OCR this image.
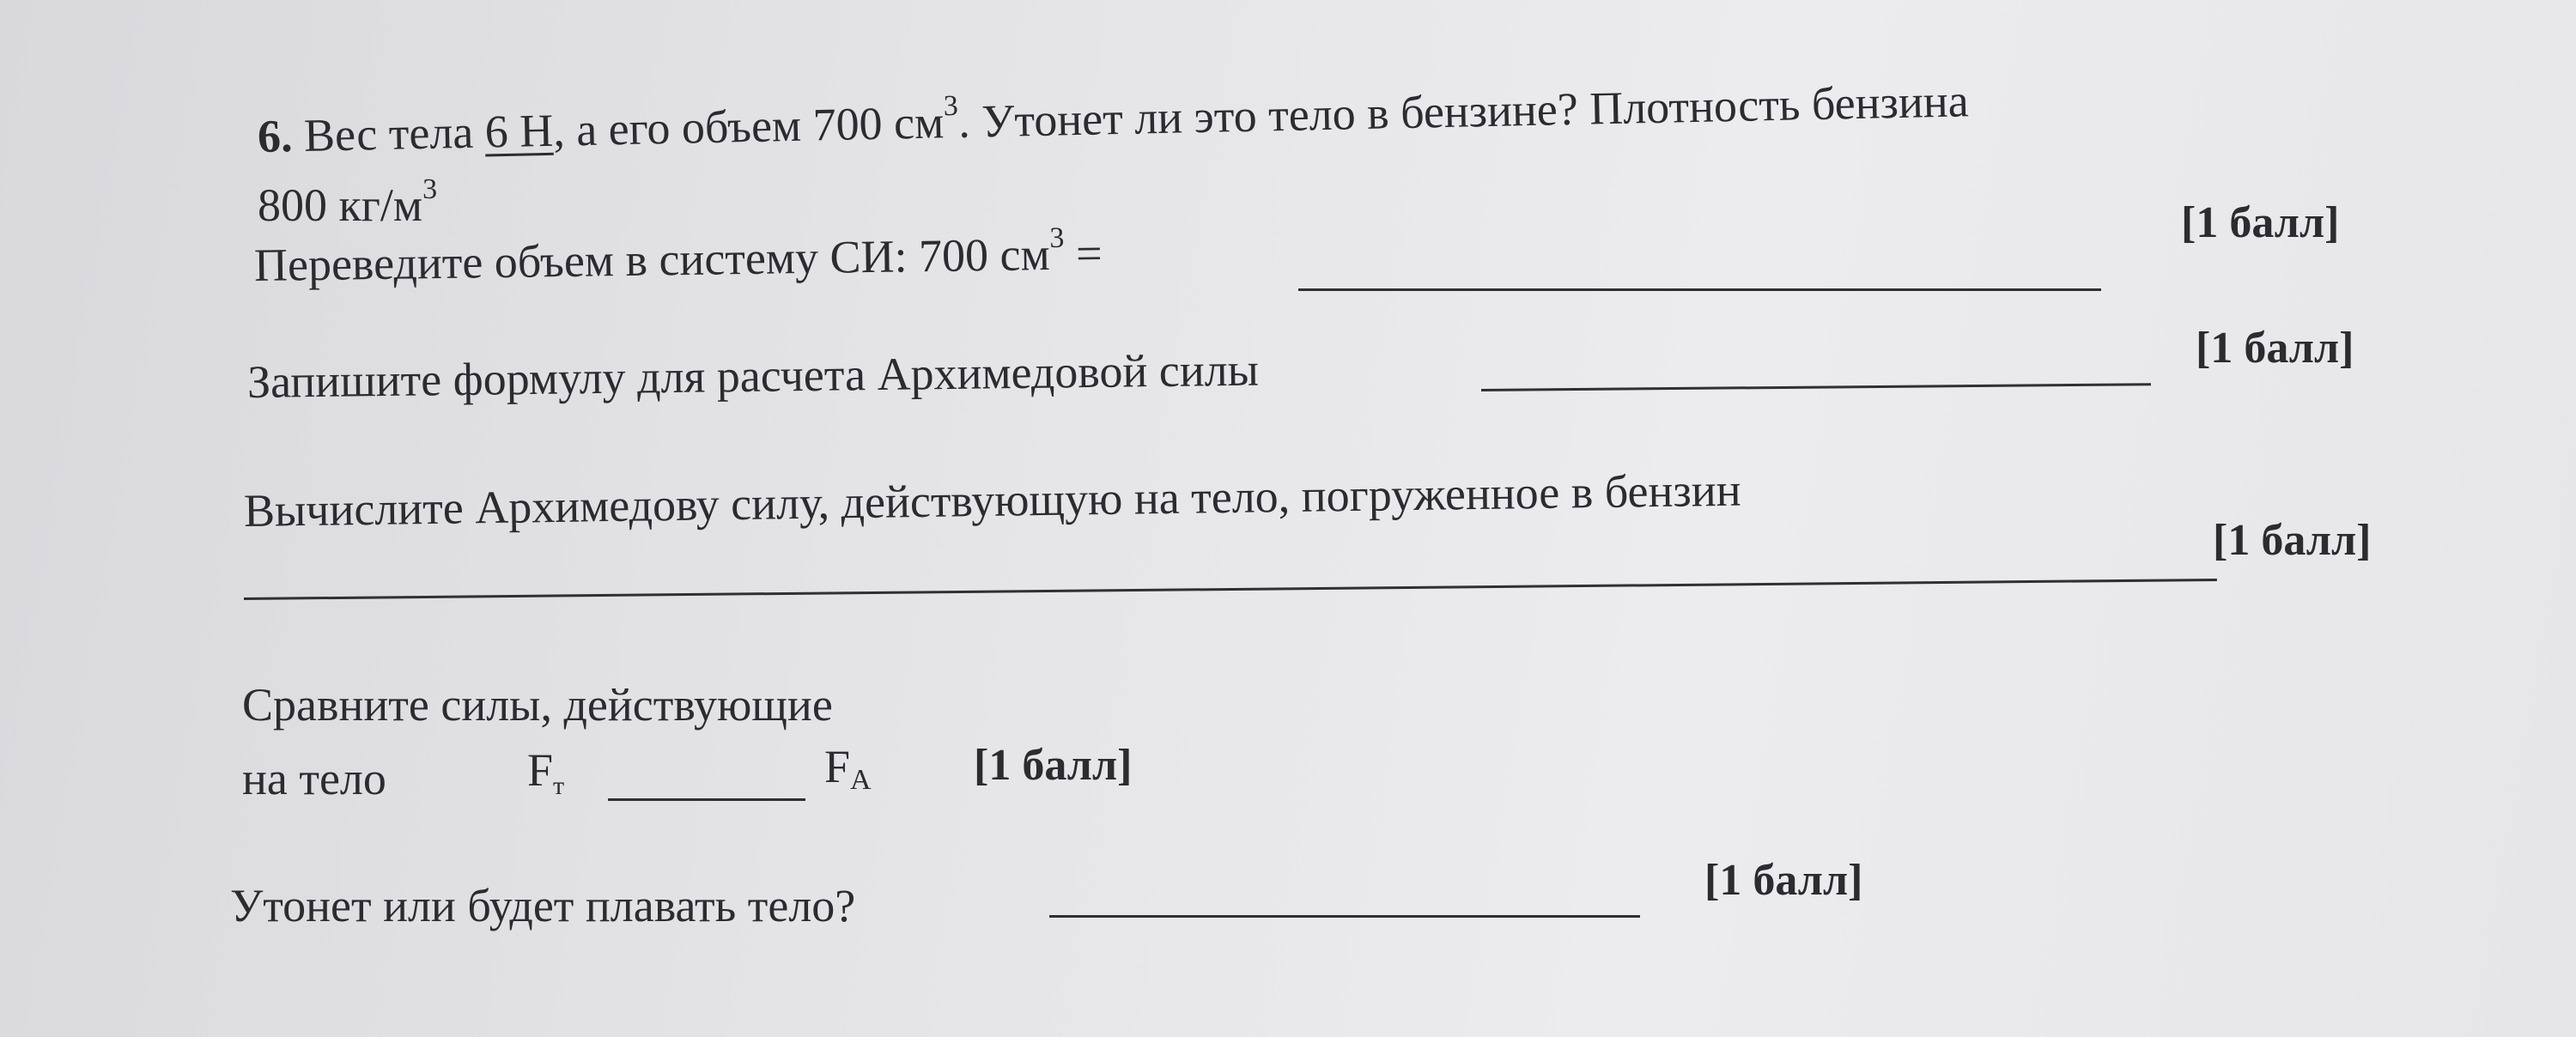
6. Вес тела 6 Н, а его объем 700 $см^3$. Утонет ли это тело в бензине? Плотность бензина
800 $кг/м^3$
Переведите объем в систему СИ: 700 $см^3$ =
[1 балл]
Запишите формулу для расчета Архимедовой силы	[1 балл]
Вычислите Архимедову силу, действующую на тело, погруженное в бензин
[1 балл]
Сравните силы, действующие
на тело	$F_т$	FA [1 балл]
Утонет или будет плавать тело?	[1 балл]
